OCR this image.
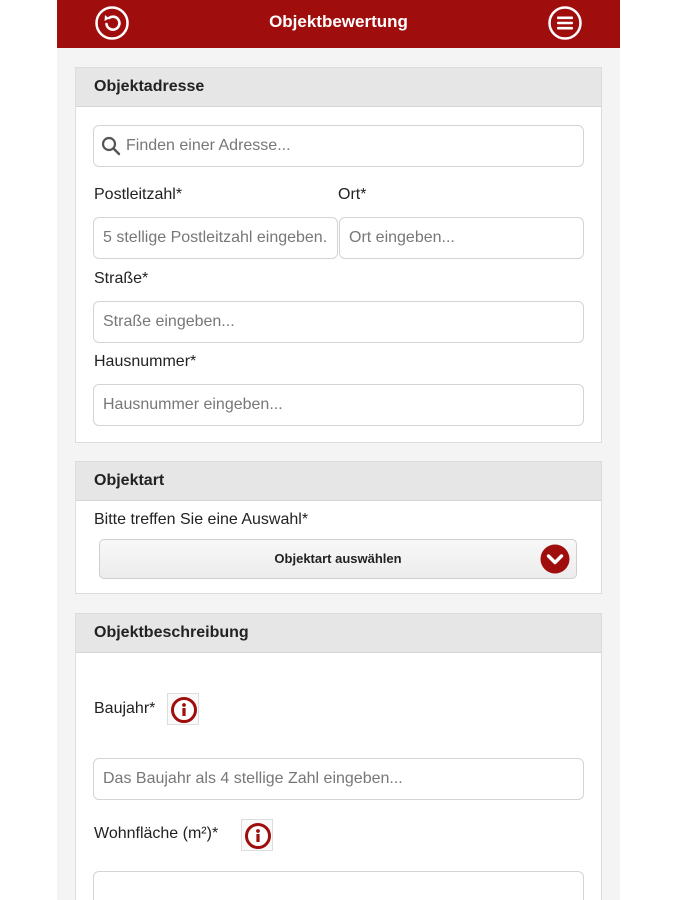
Objektbewertung
Objektadresse
Finden einer Adresse...
Postleitzahl*	Ort*
5 stellige Postleitzahl eingeben...
Ort eingeben...
Straße*
Straße eingeben...
Hausnummer*
Hausnummer eingeben...
Objektart
Bitte treffen Sie eine Auswahl*
Objektart auswählen
Objektbeschreibung
Baujahr*
Das Baujahr als 4 stellige Zahl eingeben...
Wohnfläche (m²)*
